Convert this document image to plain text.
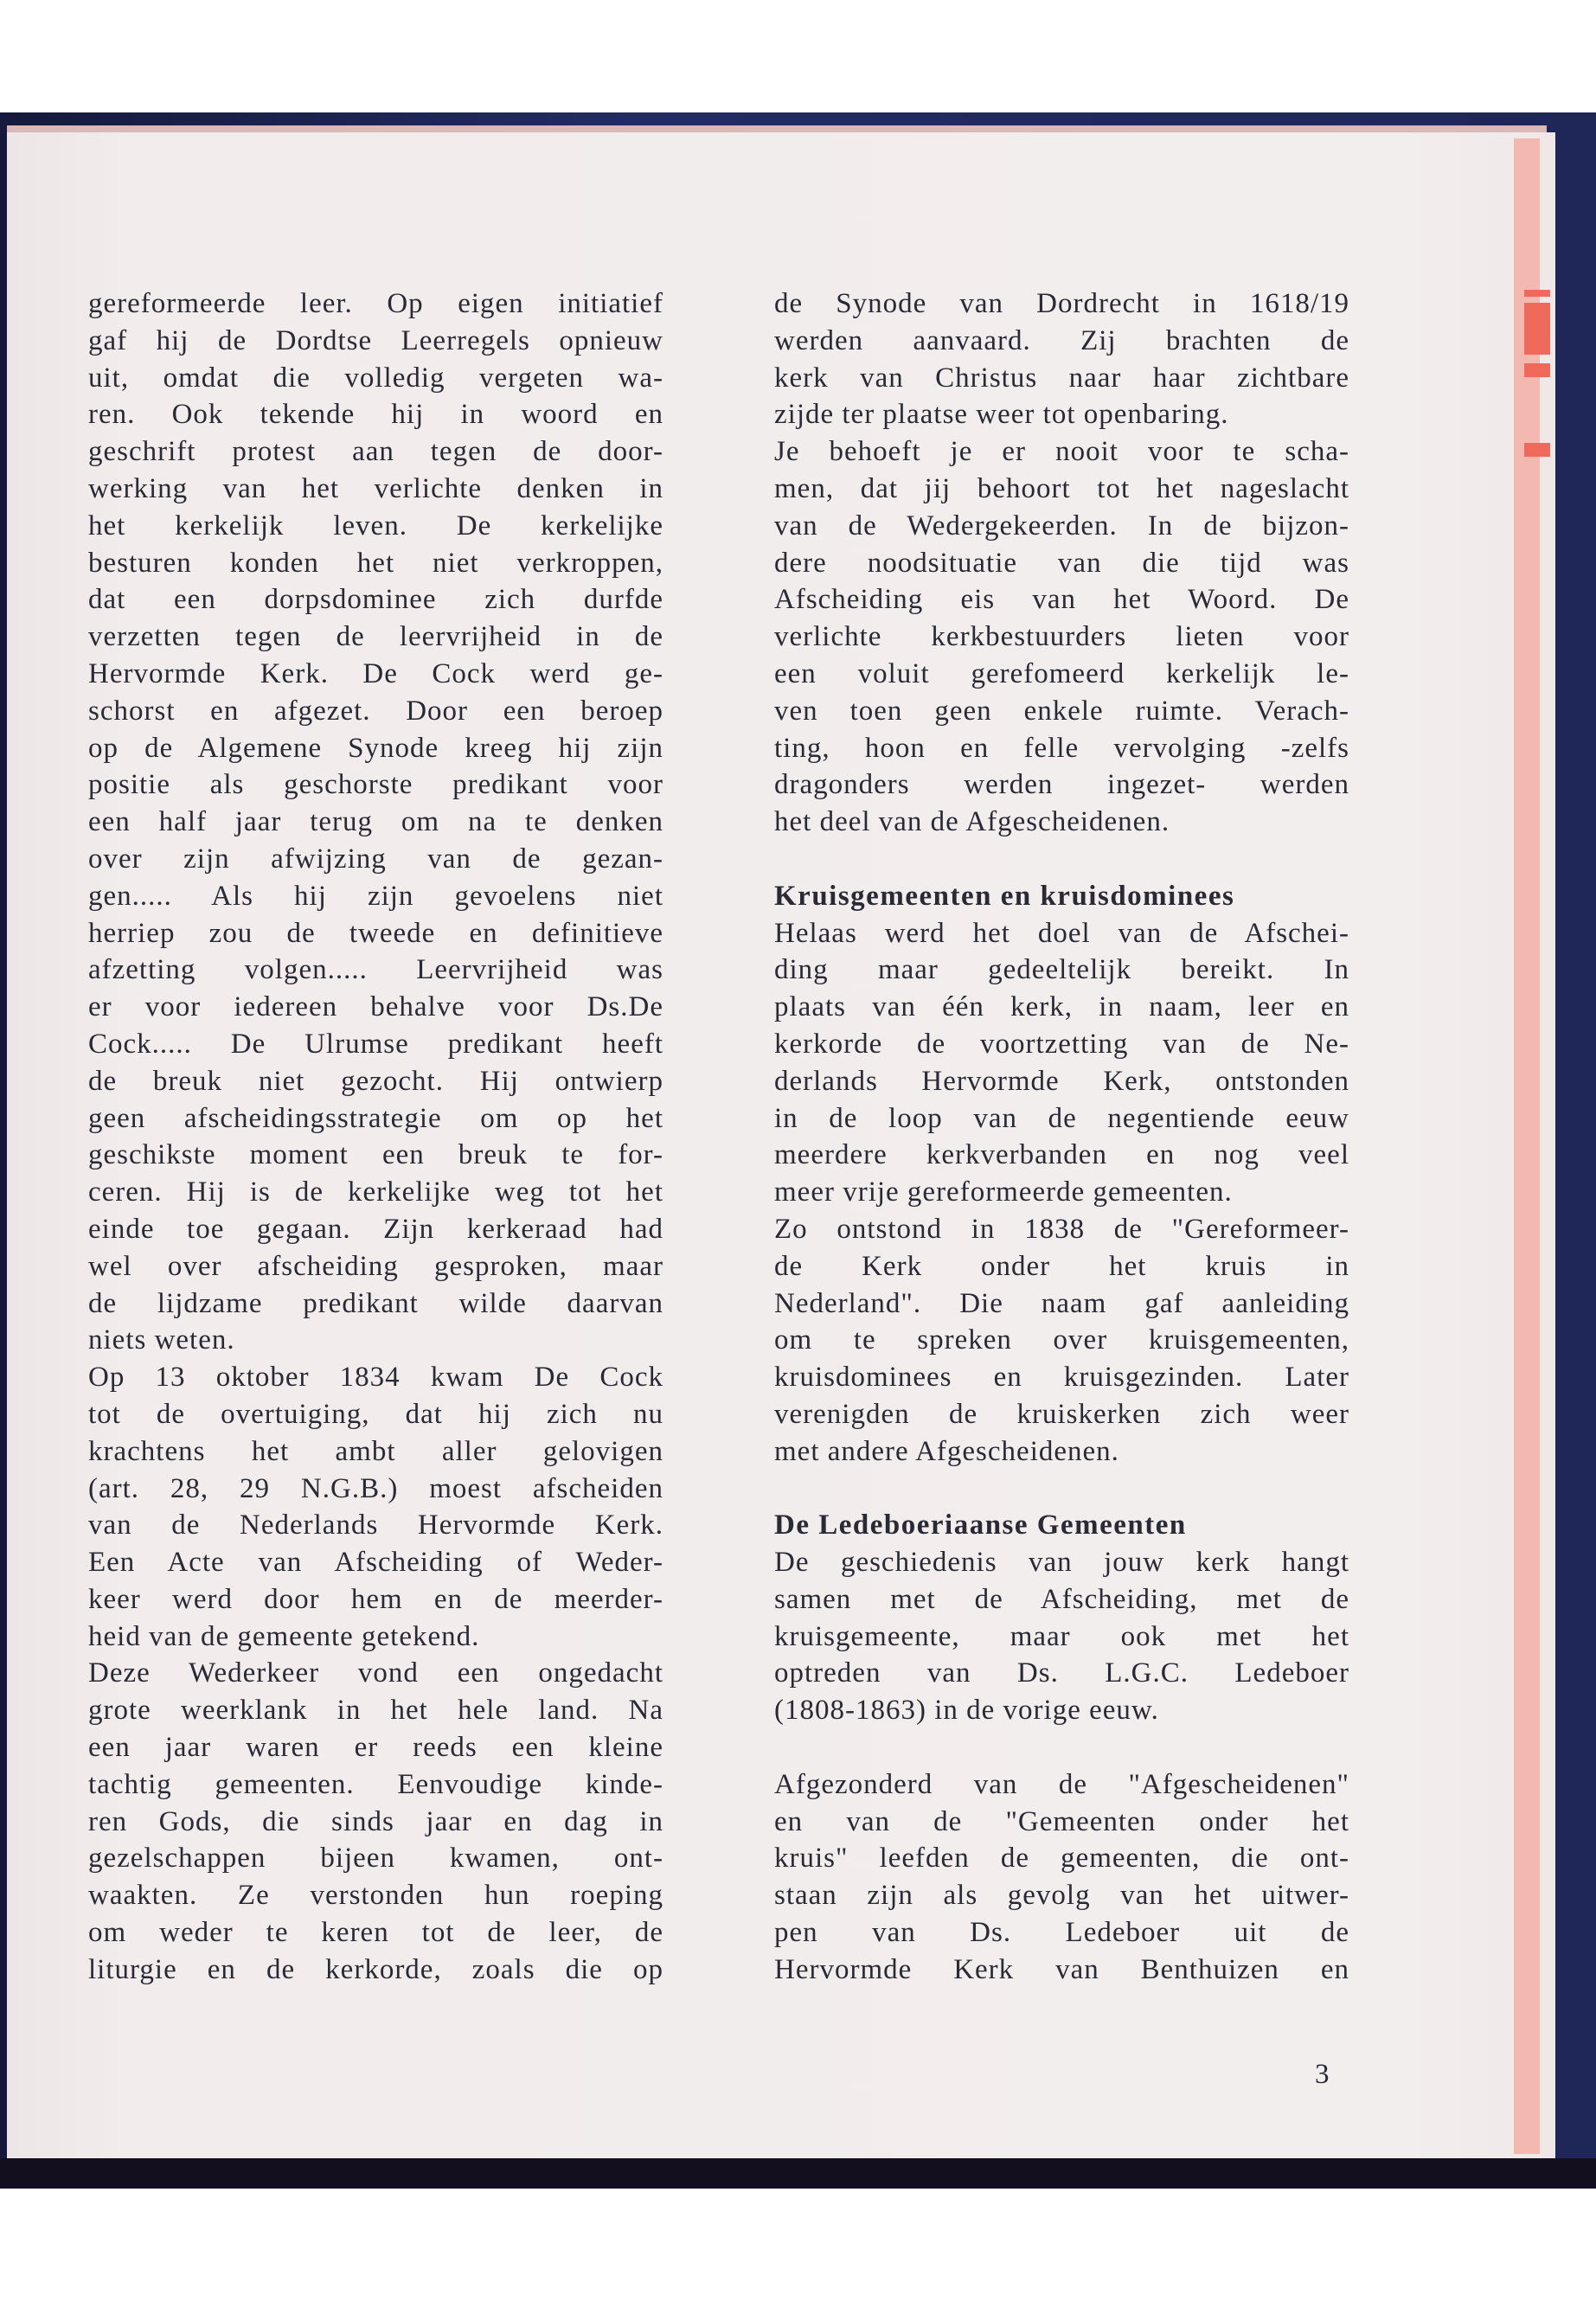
gereformeerde leer. Op eigen initiatief
gaf hij de Dordtse Leerregels opnieuw
uit, omdat die volledig vergeten wa-
ren. Ook tekende hij in woord en
geschrift protest aan tegen de door-
werking van het verlichte denken in
het kerkelijk leven. De kerkelijke
besturen konden het niet verkroppen,
dat een dorpsdominee zich durfde
verzetten tegen de leervrijheid in de
Hervormde Kerk. De Cock werd ge-
schorst en afgezet. Door een beroep
op de Algemene Synode kreeg hij zijn
positie als geschorste predikant voor
een half jaar terug om na te denken
over zijn afwijzing van de gezan-
gen..... Als hij zijn gevoelens niet
herriep zou de tweede en definitieve
afzetting volgen..... Leervrijheid was
er voor iedereen behalve voor Ds.De
Cock..... De Ulrumse predikant heeft
de breuk niet gezocht. Hij ontwierp
geen afscheidingsstrategie om op het
geschikste moment een breuk te for-
ceren. Hij is de kerkelijke weg tot het
einde toe gegaan. Zijn kerkeraad had
wel over afscheiding gesproken, maar
de lijdzame predikant wilde daarvan
niets weten.
Op 13 oktober 1834 kwam De Cock
tot de overtuiging, dat hij zich nu
krachtens het ambt aller gelovigen
(art. 28, 29 N.G.B.) moest afscheiden
van de Nederlands Hervormde Kerk.
Een Acte van Afscheiding of Weder-
keer werd door hem en de meerder-
heid van de gemeente getekend.
Deze Wederkeer vond een ongedacht
grote weerklank in het hele land. Na
een jaar waren er reeds een kleine
tachtig gemeenten. Eenvoudige kinde-
ren Gods, die sinds jaar en dag in
gezelschappen bijeen kwamen, ont-
waakten. Ze verstonden hun roeping
om weder te keren tot de leer, de
liturgie en de kerkorde, zoals die op
de Synode van Dordrecht in 1618/19
werden aanvaard. Zij brachten de
kerk van Christus naar haar zichtbare
zijde ter plaatse weer tot openbaring.
Je behoeft je er nooit voor te scha-
men, dat jij behoort tot het nageslacht
van de Wedergekeerden. In de bijzon-
dere noodsituatie van die tijd was
Afscheiding eis van het Woord. De
verlichte kerkbestuurders lieten voor
een voluit gerefomeerd kerkelijk le-
ven toen geen enkele ruimte. Verach-
ting, hoon en felle vervolging -zelfs
dragonders werden ingezet- werden
het deel van de Afgescheidenen.
Kruisgemeenten en kruisdominees
Helaas werd het doel van de Afschei-
ding maar gedeeltelijk bereikt. In
plaats van één kerk, in naam, leer en
kerkorde de voortzetting van de Ne-
derlands Hervormde Kerk, ontstonden
in de loop van de negentiende eeuw
meerdere kerkverbanden en nog veel
meer vrije gereformeerde gemeenten.
Zo ontstond in 1838 de "Gereformeer-
de Kerk onder het kruis in
Nederland". Die naam gaf aanleiding
om te spreken over kruisgemeenten,
kruisdominees en kruisgezinden. Later
verenigden de kruiskerken zich weer
met andere Afgescheidenen.
De Ledeboeriaanse Gemeenten
De geschiedenis van jouw kerk hangt
samen met de Afscheiding, met de
kruisgemeente, maar ook met het
optreden van Ds. L.G.C. Ledeboer
(1808-1863) in de vorige eeuw.
Afgezonderd van de "Afgescheidenen"
en van de "Gemeenten onder het
kruis" leefden de gemeenten, die ont-
staan zijn als gevolg van het uitwer-
pen van Ds. Ledeboer uit de
Hervormde Kerk van Benthuizen en
3
